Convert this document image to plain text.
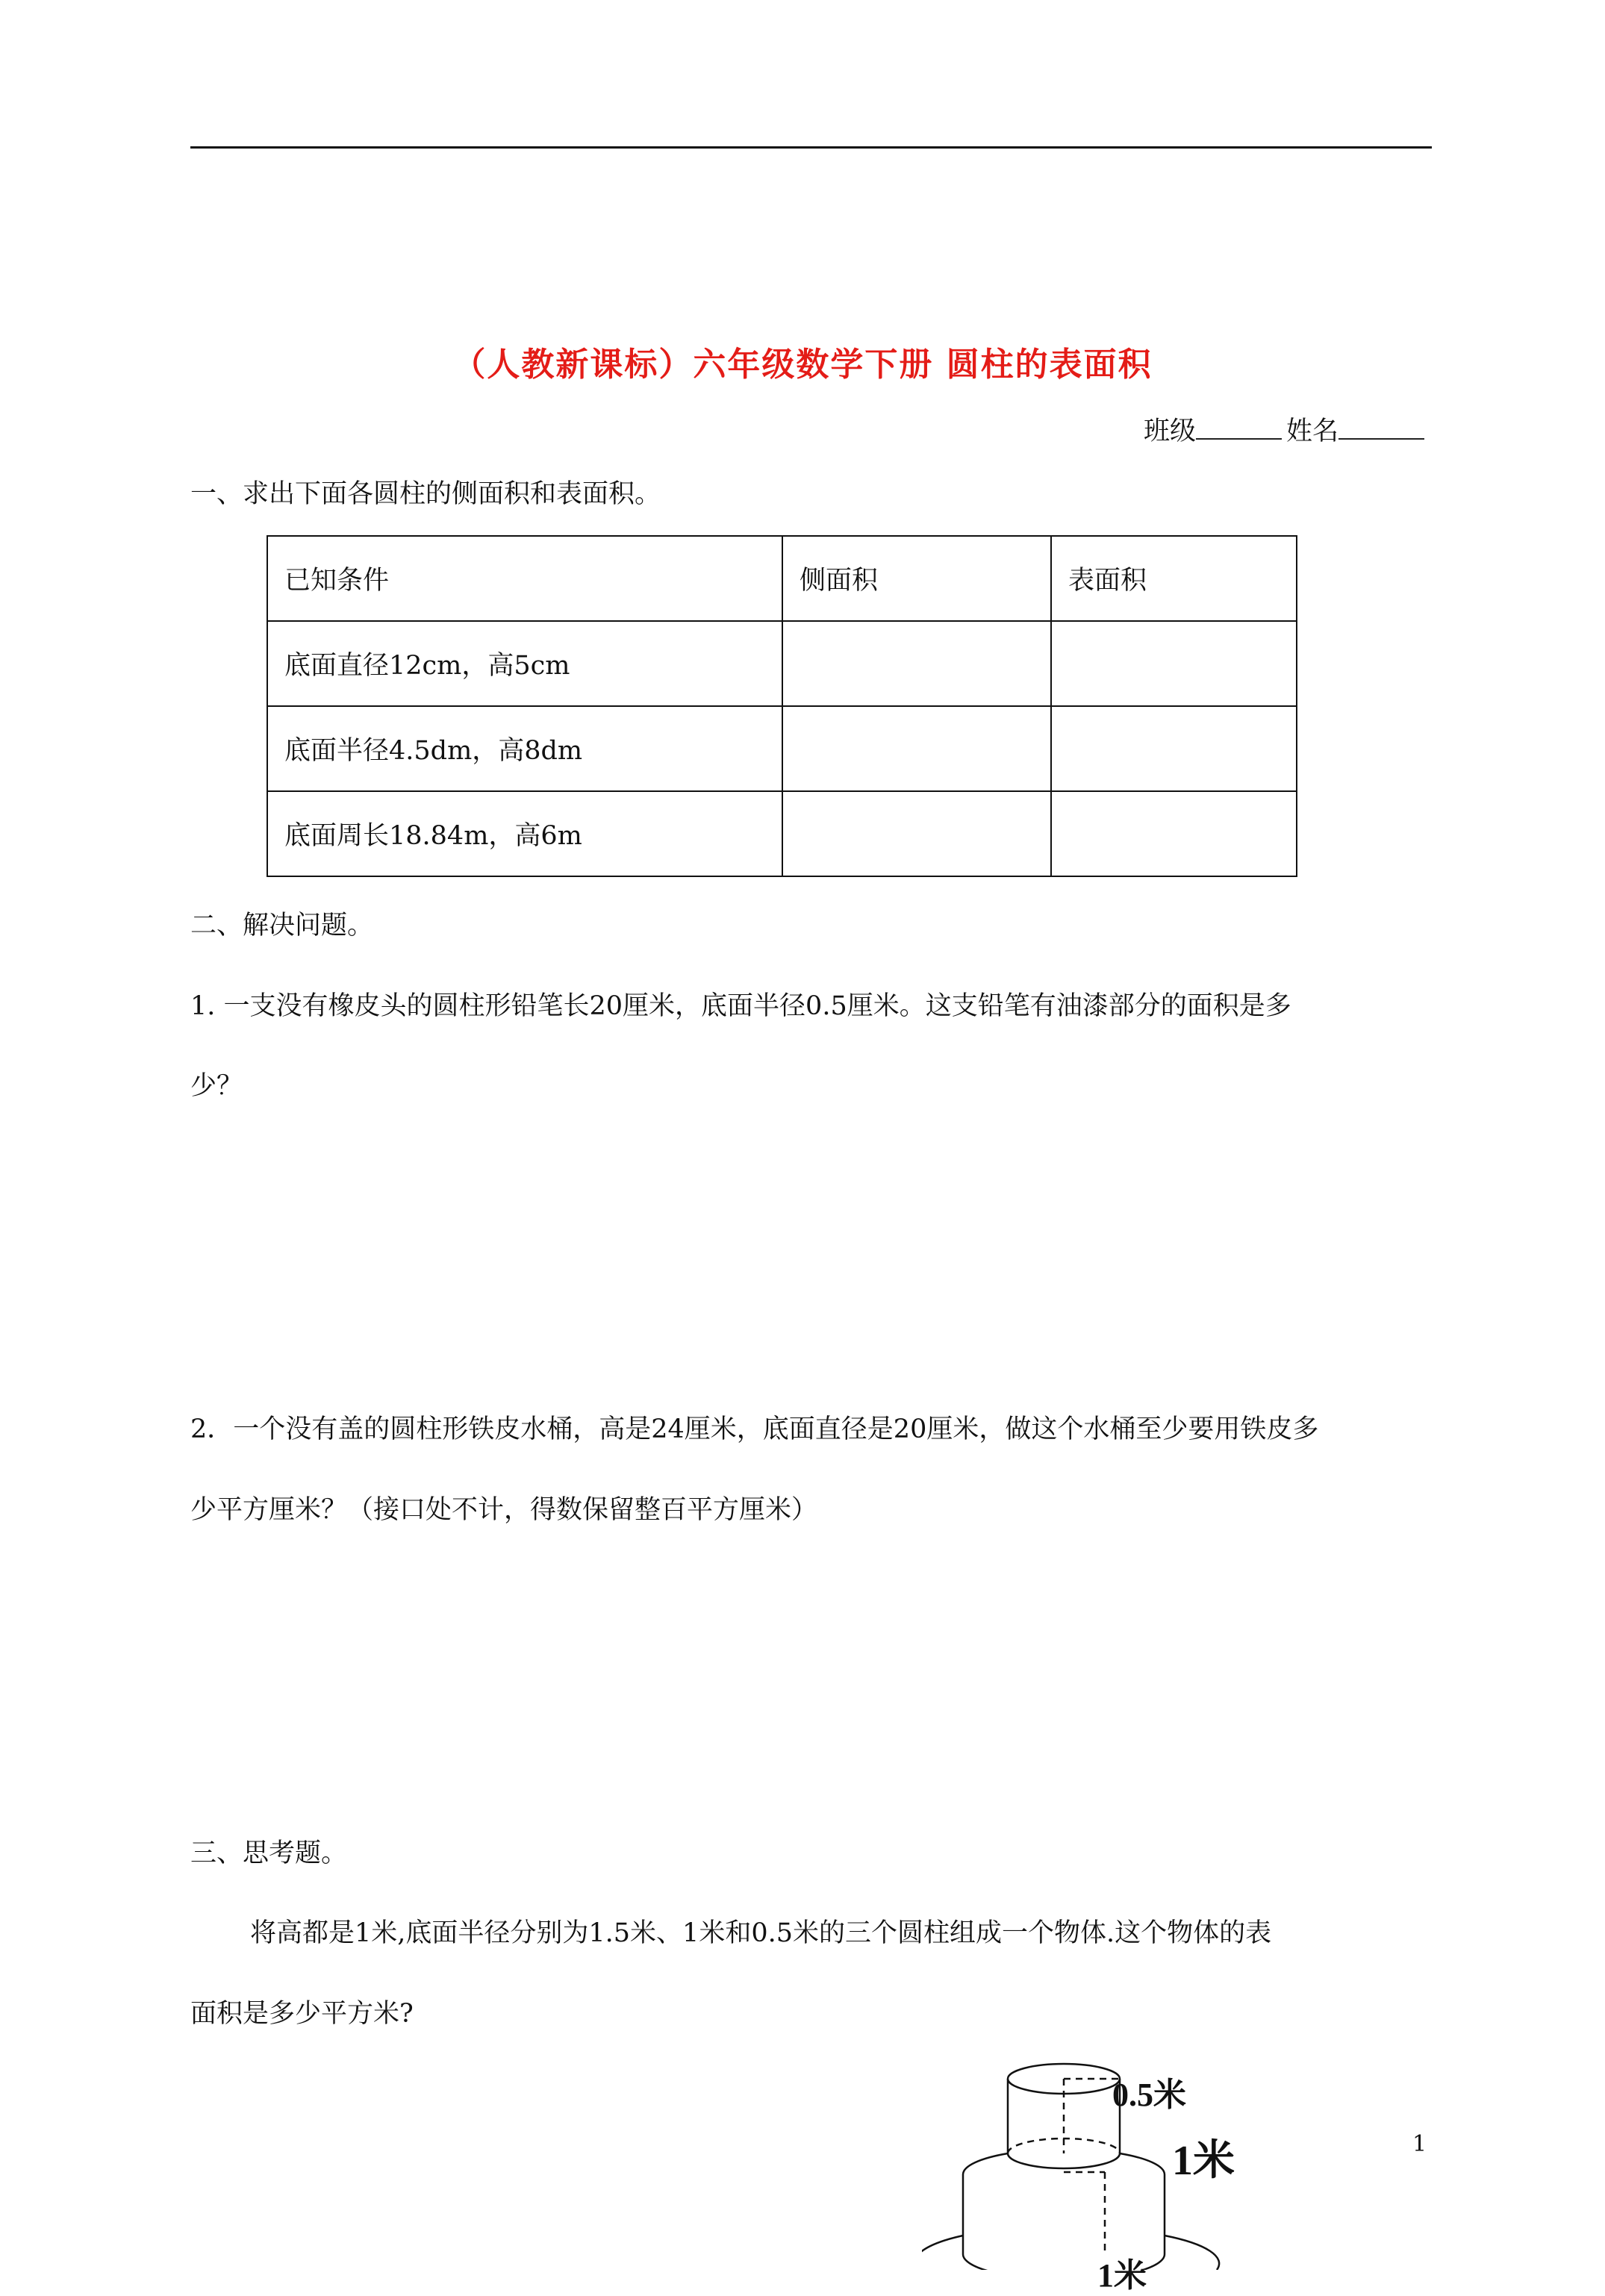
（人教新课标）六年级数学下册 圆柱的表面积
班级	姓名
一、求出下面各圆柱的侧面积和表面积。
已知条件	侧面积	表面积
底面直径12cm，高5cm		
底面半径4.5dm，高8dm		
底面周长18.84m，高6m		
二、解决问题。
1. 一支没有橡皮头的圆柱形铅笔长20厘米，底面半径0.5厘米。这支铅笔有油漆部分的面积是多
少？
2．一个没有盖的圆柱形铁皮水桶，高是24厘米，底面直径是20厘米，做这个水桶至少要用铁皮多
少平方厘米？（接口处不计，得数保留整百平方厘米）
三、思考题。
将高都是1米,底面半径分别为1.5米、1米和0.5米的三个圆柱组成一个物体.这个物体的表
面积是多少平方米?
0.5米
1米
1米
1
